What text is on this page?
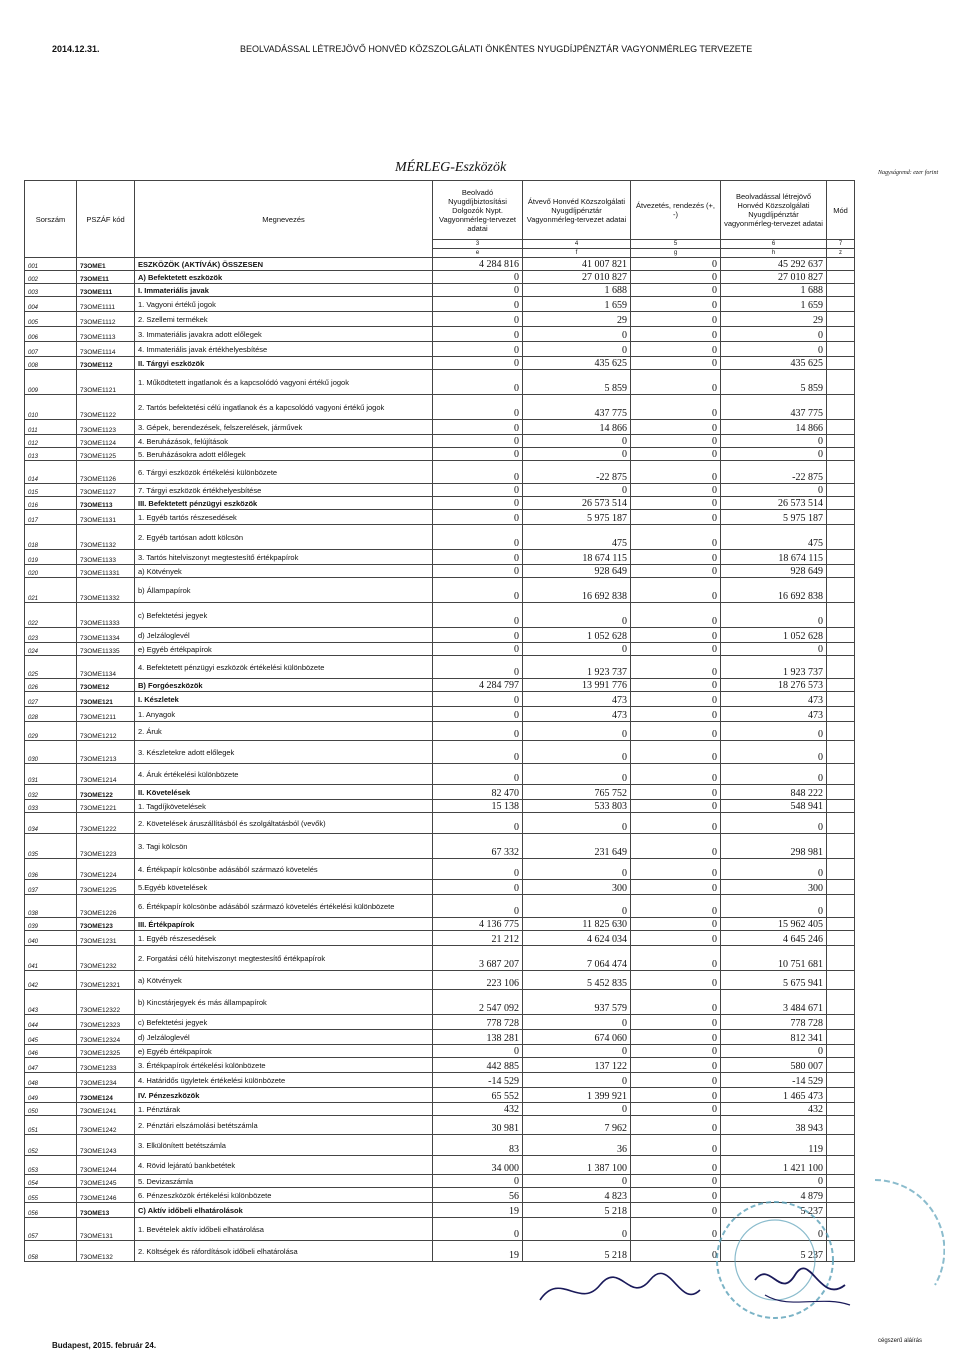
2014.12.31.	BEOLVADÁSSAL LÉTREJÖVŐ HONVÉD KÖZSZOLGÁLATI ÖNKÉNTES NYUGDÍJPÉNZTÁR VAGYONMÉRLEG TERVEZETE
MÉRLEG-Eszközök	Nagyságrend: ezer forint
Sorszám	PSZÁF kód	Megnevezés	Beolvadó Nyugdíjbiztosítási Dolgozók Nypt. Vagyonmérleg-tervezet adatai	Átvevő Honvéd Közszolgálati Nyugdíjpénztár Vagyonmérleg-tervezet adatai	Átvezetés, rendezés (+, -)	Beolvadással létrejövő Honvéd Közszolgálati Nyugdíjpénztár vagyonmérleg-tervezet adatai	Mód
			3	4	5	6	7
			e	f	g	h	z
001	73OME1	ESZKÖZÖK (AKTÍVÁK) ÖSSZESEN	4 284 816	41 007 821	0	45 292 637	
002	73OME11	A) Befektetett eszközök	0	27 010 827	0	27 010 827	
003	73OME111	I. Immateriális javak	0	1 688	0	1 688	
004	73OME1111	1. Vagyoni értékű jogok	0	1 659	0	1 659	
005	73OME1112	2. Szellemi termékek	0	29	0	29	
006	73OME1113	3. Immateriális javakra adott előlegek	0	0	0	0	
007	73OME1114	4. Immateriális javak értékhelyesbítése	0	0	0	0	
008	73OME112	II. Tárgyi eszközök	0	435 625	0	435 625	
009	73OME1121	1. Működtetett ingatlanok és a kapcsolódó vagyoni értékű jogok	0	5 859	0	5 859	
010	73OME1122	2. Tartós befektetési célú ingatlanok és a kapcsolódó vagyoni értékű jogok	0	437 775	0	437 775	
011	73OME1123	3. Gépek, berendezések, felszerelések, járművek	0	14 866	0	14 866	
012	73OME1124	4. Beruházások, felújítások	0	0	0	0	
013	73OME1125	5. Beruházásokra adott előlegek	0	0	0	0	
014	73OME1126	6. Tárgyi eszközök értékelési különbözete	0	-22 875	0	-22 875	
015	73OME1127	7. Tárgyi eszközök értékhelyesbítése	0	0	0	0	
016	73OME113	III. Befektetett pénzügyi eszközök	0	26 573 514	0	26 573 514	
017	73OME1131	1. Egyéb tartós részesedések	0	5 975 187	0	5 975 187	
018	73OME1132	2. Egyéb tartósan adott kölcsön	0	475	0	475	
019	73OME1133	3. Tartós hitelviszonyt megtestesítő értékpapírok	0	18 674 115	0	18 674 115	
020	73OME11331	a) Kötvények	0	928 649	0	928 649	
021	73OME11332	b) Állampapírok	0	16 692 838	0	16 692 838	
022	73OME11333	c) Befektetési jegyek	0	0	0	0	
023	73OME11334	d) Jelzáloglevél	0	1 052 628	0	1 052 628	
024	73OME11335	e) Egyéb értékpapírok	0	0	0	0	
025	73OME1134	4. Befektetett pénzügyi eszközök értékelési különbözete	0	1 923 737	0	1 923 737	
026	73OME12	B) Forgóeszközök	4 284 797	13 991 776	0	18 276 573	
027	73OME121	I. Készletek	0	473	0	473	
028	73OME1211	1. Anyagok	0	473	0	473	
029	73OME1212	2. Áruk	0	0	0	0	
030	73OME1213	3. Készletekre adott előlegek	0	0	0	0	
031	73OME1214	4. Áruk értékelési különbözete	0	0	0	0	
032	73OME122	II. Követelések	82 470	765 752	0	848 222	
033	73OME1221	1. Tagdíjkövetelések	15 138	533 803	0	548 941	
034	73OME1222	2. Követelések áruszállításból és szolgáltatásból (vevők)	0	0	0	0	
035	73OME1223	3. Tagi kölcsön	67 332	231 649	0	298 981	
036	73OME1224	4. Értékpapír kölcsönbe adásából származó követelés	0	0	0	0	
037	73OME1225	5.Egyéb követelések	0	300	0	300	
038	73OME1226	6. Értékpapír kölcsönbe adásából származó követelés értékelési különbözete	0	0	0	0	
039	73OME123	III. Értékpapírok	4 136 775	11 825 630	0	15 962 405	
040	73OME1231	1. Egyéb részesedések	21 212	4 624 034	0	4 645 246	
041	73OME1232	2. Forgatási célú hitelviszonyt megtestesítő értékpapírok	3 687 207	7 064 474	0	10 751 681	
042	73OME12321	a) Kötvények	223 106	5 452 835	0	5 675 941	
043	73OME12322	b) Kincstárjegyek és más állampapírok	2 547 092	937 579	0	3 484 671	
044	73OME12323	c) Befektetési jegyek	778 728	0	0	778 728	
045	73OME12324	d) Jelzáloglevél	138 281	674 060	0	812 341	
046	73OME12325	e) Egyéb értékpapírok	0	0	0	0	
047	73OME1233	3. Értékpapírok értékelési különbözete	442 885	137 122	0	580 007	
048	73OME1234	4. Határidős ügyletek értékelési különbözete	-14 529	0	0	-14 529	
049	73OME124	IV. Pénzeszközök	65 552	1 399 921	0	1 465 473	
050	73OME1241	1. Pénztárak	432	0	0	432	
051	73OME1242	2. Pénztári elszámolási betétszámla	30 981	7 962	0	38 943	
052	73OME1243	3. Elkülönített betétszámla	83	36	0	119	
053	73OME1244	4. Rövid lejáratú bankbetétek	34 000	1 387 100	0	1 421 100	
054	73OME1245	5. Devizaszámla	0	0	0	0	
055	73OME1246	6. Pénzeszközök értékelési különbözete	56	4 823	0	4 879	
056	73OME13	C) Aktív időbeli elhatárolások	19	5 218	0	5 237	
057	73OME131	1. Bevételek aktív időbeli elhatárolása	0	0	0	0	
058	73OME132	2. Költségek és ráfordítások időbeli elhatárolása	19	5 218	0	5 237	
Budapest, 2015. február 24.	cégszerű aláírás
